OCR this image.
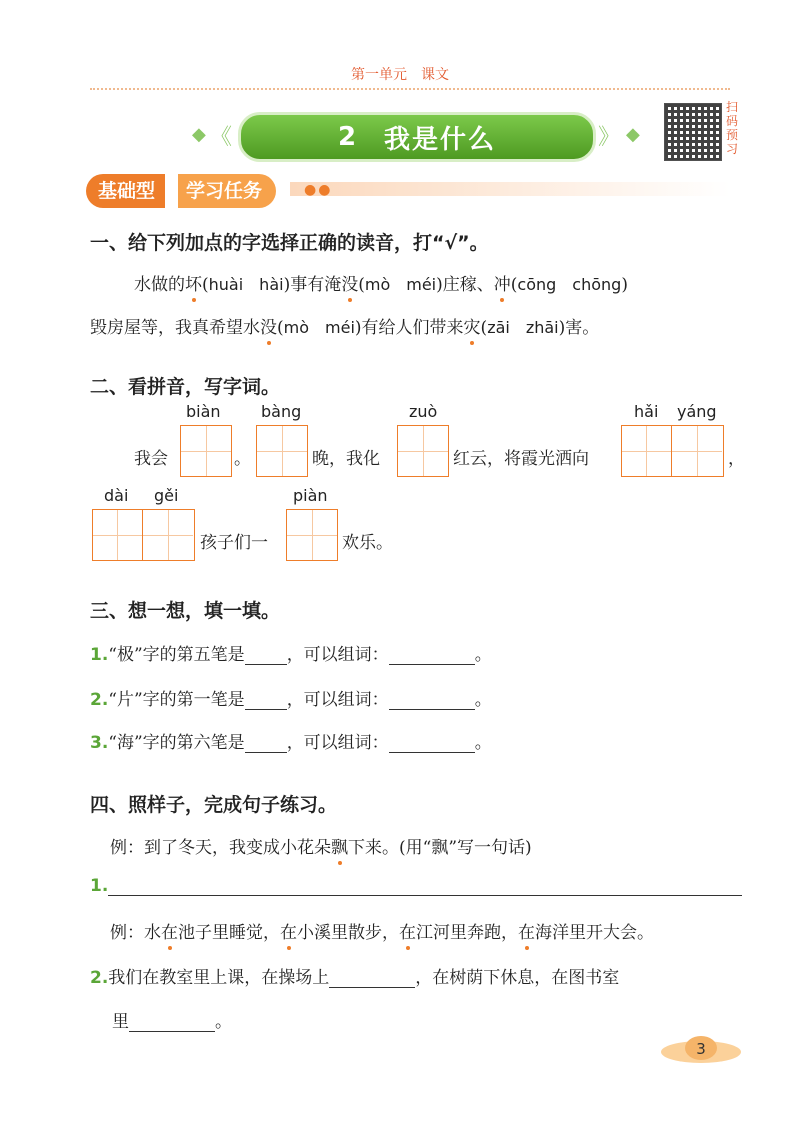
第一单元　课文
◆ 《	2 我是什么	》 ◆
扫
码
预
习
基础型	学习任务	●●
一、给下列加点的字选择正确的读音，打“√”。
水做的坏(huài　hài)事有淹没(mò　méi)庄稼、冲(cōng　chōng)
毁房屋等，我真希望水没(mò　méi)有给人们带来灾(zāi　zhāi)害。
二、看拼音，写字词。
biàn	bàng	zuò	hǎi yáng
我会	。	晚，我化	红云，将霞光洒向	，
dài gěi	piàn
孩子们一	欢乐。
三、想一想，填一填。
1.“极”字的第五笔是 ，可以组词：	。
2.“片”字的第一笔是 ，可以组词：	。
3.“海”字的第六笔是 ，可以组词：	。
四、照样子，完成句子练习。
例：到了冬天，我变成小花朵飘下来。(用“飘”写一句话)
1.
例：水在池子里睡觉，在小溪里散步，在江河里奔跑，在海洋里开大会。
2.我们在教室里上课，在操场上	，在树荫下休息，在图书室
里	。
3
